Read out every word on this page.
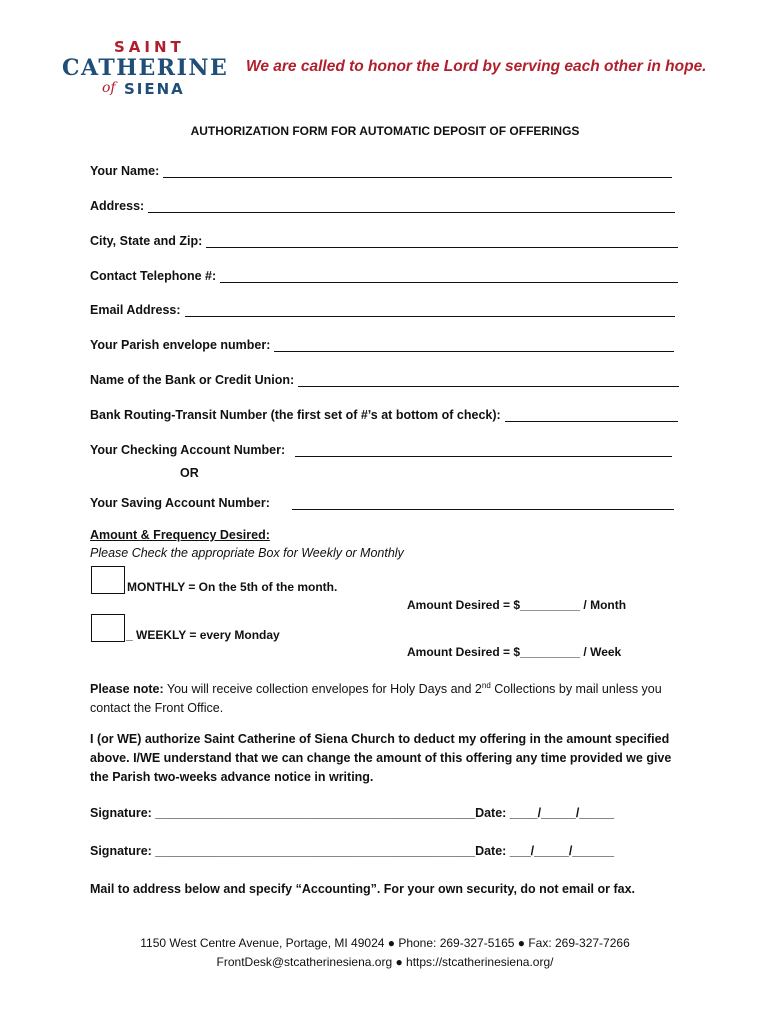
SAINT
CATHERINE
of SIENA
We are called to honor the Lord by serving each other in hope.
AUTHORIZATION FORM FOR AUTOMATIC DEPOSIT OF OFFERINGS
Your Name:
Address:
City, State and Zip:
Contact Telephone #:
Email Address:
Your Parish envelope number:
Name of the Bank or Credit Union:
Bank Routing-Transit Number (the first set of #’s at bottom of check):
Your Checking Account Number:
OR
Your Saving Account Number:
Amount & Frequency Desired:
Please Check the appropriate Box for Weekly or Monthly
MONTHLY = On the 5th of the month.
Amount Desired = $_________ / Month
_ WEEKLY = every Monday
Amount Desired = $_________ / Week
Please note: You will receive collection envelopes for Holy Days and 2nd Collections by mail unless you contact the Front Office.
I (or WE) authorize Saint Catherine of Siena Church to deduct my offering in the amount specified above. I/WE understand that we can change the amount of this offering any time provided we give the Parish two-weeks advance notice in writing.
Signature: ______________________________________________Date: ____/_____/_____
Signature: ______________________________________________Date: ___/_____/______
Mail to address below and specify “Accounting”. For your own security, do not email or fax.
1150 West Centre Avenue, Portage, MI 49024 ● Phone: 269-327-5165 ● Fax: 269-327-7266
FrontDesk@stcatherinesiena.org ● https://stcatherinesiena.org/
